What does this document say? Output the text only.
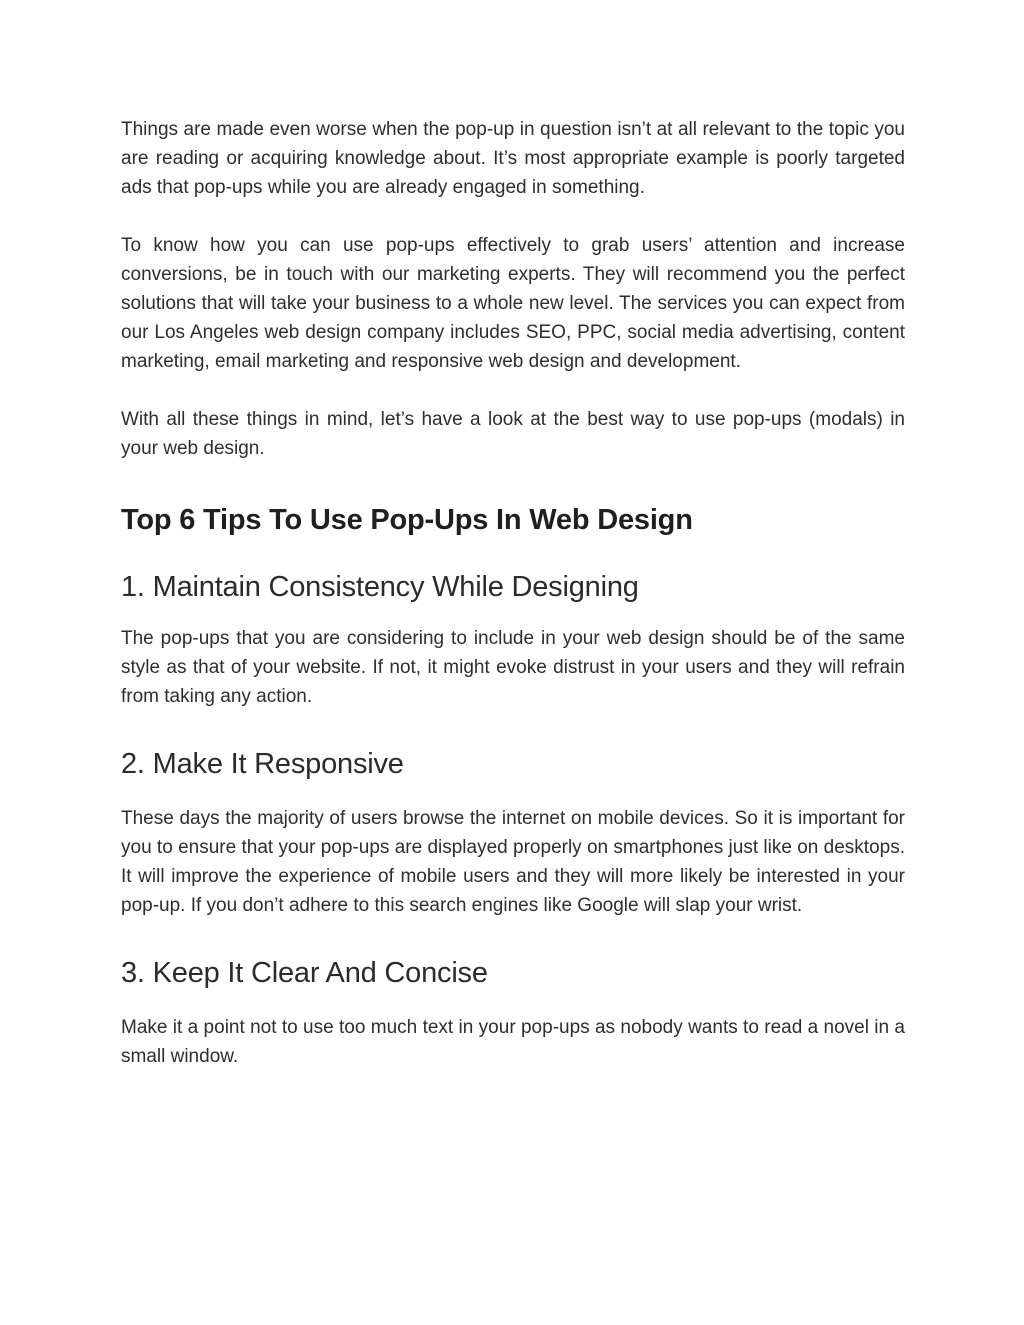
Things are made even worse when the pop-up in question isn’t at all relevant to the topic you are reading or acquiring knowledge about. It’s most appropriate example is poorly targeted ads that pop-ups while you are already engaged in something.

To know how you can use pop-ups effectively to grab users’ attention and increase conversions, be in touch with our marketing experts. They will recommend you the perfect solutions that will take your business to a whole new level. The services you can expect from our Los Angeles web design company includes SEO, PPC, social media advertising, content marketing, email marketing and responsive web design and development.

With all these things in mind, let’s have a look at the best way to use pop-ups (modals) in your web design.

Top 6 Tips To Use Pop-Ups In Web Design
1. Maintain Consistency While Designing

The pop-ups that you are considering to include in your web design should be of the same style as that of your website. If not, it might evoke distrust in your users and they will refrain from taking any action.

2. Make It Responsive

These days the majority of users browse the internet on mobile devices. So it is important for you to ensure that your pop-ups are displayed properly on smartphones just like on desktops. It will improve the experience of mobile users and they will more likely be interested in your pop-up. If you don’t adhere to this search engines like Google will slap your wrist.

3. Keep It Clear And Concise

Make it a point not to use too much text in your pop-ups as nobody wants to read a novel in a small window.
